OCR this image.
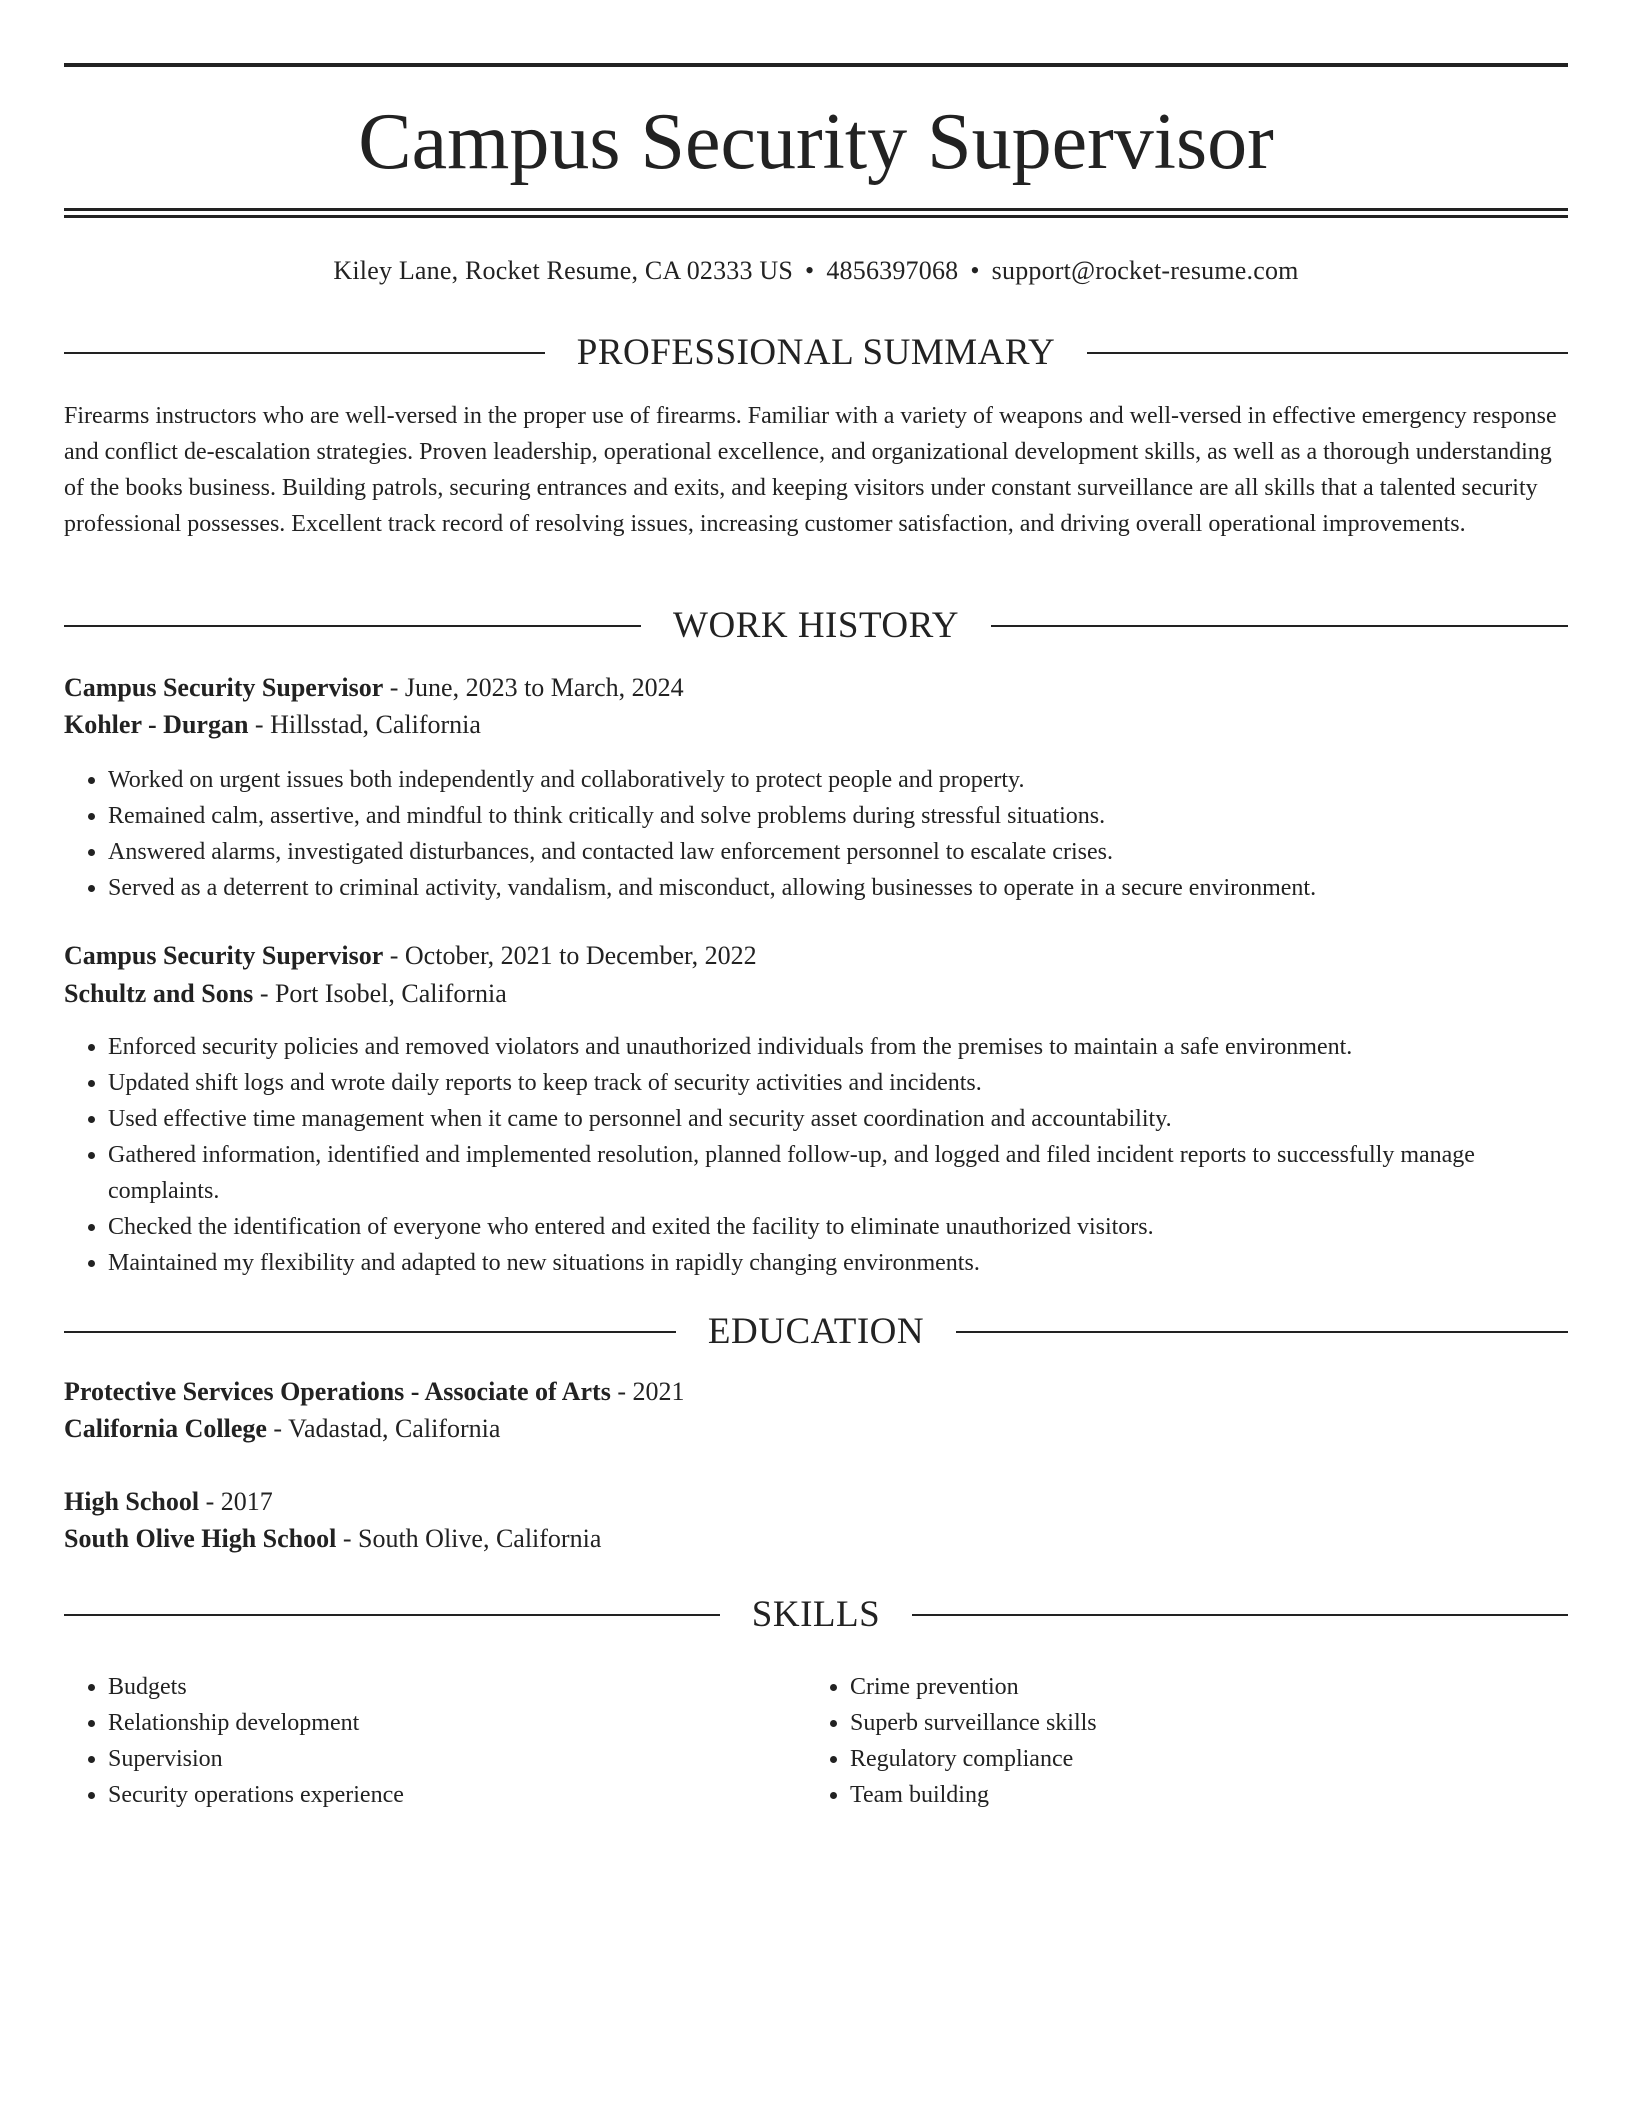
Campus Security Supervisor
Kiley Lane, Rocket Resume, CA 02333 US • 4856397068 • support@rocket-resume.com
PROFESSIONAL SUMMARY

Firearms instructors who are well-versed in the proper use of firearms. Familiar with a variety of weapons and well-versed in effective emergency response and conflict de-escalation strategies. Proven leadership, operational excellence, and organizational development skills, as well as a thorough understanding of the books business. Building patrols, securing entrances and exits, and keeping visitors under constant surveillance are all skills that a talented security professional possesses. Excellent track record of resolving issues, increasing customer satisfaction, and driving overall operational improvements.

WORK HISTORY
Campus Security Supervisor - June, 2023 to March, 2024
Kohler - Durgan - Hillsstad, California
• Worked on urgent issues both independently and collaboratively to protect people and property.
• Remained calm, assertive, and mindful to think critically and solve problems during stressful situations.
• Answered alarms, investigated disturbances, and contacted law enforcement personnel to escalate crises.
• Served as a deterrent to criminal activity, vandalism, and misconduct, allowing businesses to operate in a secure environment.
Campus Security Supervisor - October, 2021 to December, 2022
Schultz and Sons - Port Isobel, California
• Enforced security policies and removed violators and unauthorized individuals from the premises to maintain a safe environment.
• Updated shift logs and wrote daily reports to keep track of security activities and incidents.
• Used effective time management when it came to personnel and security asset coordination and accountability.
• Gathered information, identified and implemented resolution, planned follow-up, and logged and filed incident reports to successfully manage complaints.
• Checked the identification of everyone who entered and exited the facility to eliminate unauthorized visitors.
• Maintained my flexibility and adapted to new situations in rapidly changing environments.
EDUCATION
Protective Services Operations - Associate of Arts - 2021
California College - Vadastad, California
High School - 2017
South Olive High School - South Olive, California
SKILLS
• Budgets
• Relationship development
• Supervision
• Security operations experience
• Crime prevention
• Superb surveillance skills
• Regulatory compliance
• Team building
